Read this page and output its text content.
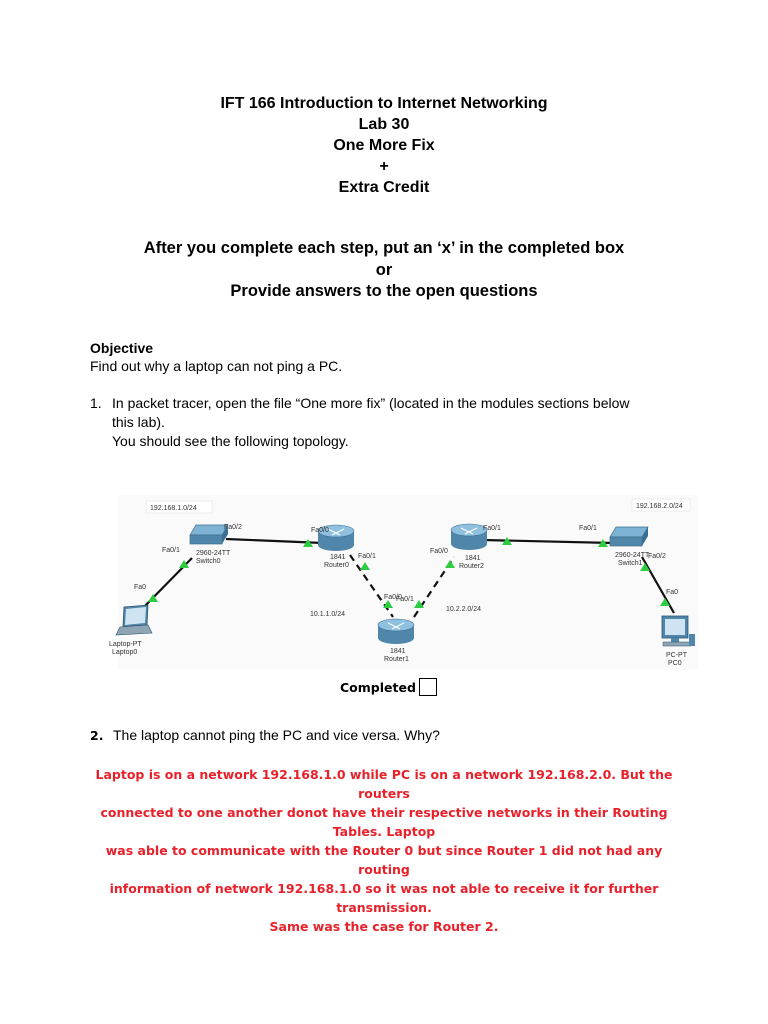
IFT 166 Introduction to Internet Networking
Lab 30
One More Fix
+
Extra Credit
After you complete each step, put an ‘x’ in the completed box
or
Provide answers to the open questions
Objective
Find out why a laptop can not ping a PC.
1. In packet tracer, open the file “One more fix” (located in the modules sections below
this lab).
You should see the following topology.
192.168.1.0/24	192.168.2.0/24
10.1.1.0/24
10.2.2.0/24
2960-24TT
Switch0
Fa0/2
Fa0/1
1841
Router0
Fa0/0
Fa0/1
1841
Router1
Fa0/0
Fa0/1
1841
Router2
Fa0/0
Fa0/1
2960-24TT
Switch1
Fa0/1
Fa0/2
Laptop-PT
Laptop0
Fa0
PC-PT
PC0
Fa0
Completed
2. The laptop cannot ping the PC and vice versa. Why?
Laptop is on a network 192.168.1.0 while PC is on a network 192.168.2.0. But the routers
connected to one another donot have their respective networks in their Routing Tables. Laptop
was able to communicate with the Router 0 but since Router 1 did not had any routing
information of network 192.168.1.0 so it was not able to receive it for further transmission.
Same was the case for Router 2.
